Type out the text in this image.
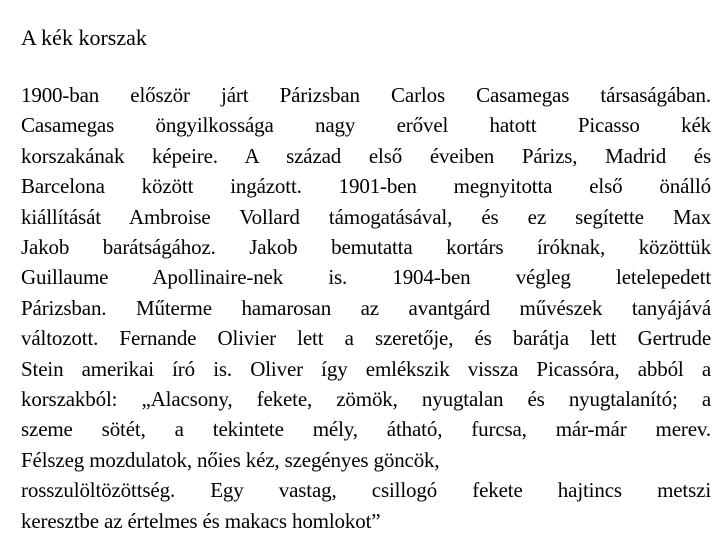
A kék korszak

1900-ban először járt Párizsban Carlos Casamegas társaságában.
Casamegas öngyilkossága nagy erővel hatott Picasso kék
korszakának képeire. A század első éveiben Párizs, Madrid és
Barcelona között ingázott. 1901-ben megnyitotta első önálló
kiállítását Ambroise Vollard támogatásával, és ez segítette Max
Jakob barátságához. Jakob bemutatta kortárs íróknak, közöttük
Guillaume Apollinaire-nek is. 1904-ben végleg letelepedett
Párizsban. Műterme hamarosan az avantgárd művészek tanyájává
változott. Fernande Olivier lett a szeretője, és barátja lett Gertrude
Stein amerikai író is. Oliver így emlékszik vissza Picassóra, abból a
korszakból: „Alacsony, fekete, zömök, nyugtalan és nyugtalanító; a
szeme sötét, a tekintete mély, átható, furcsa, már-már merev.
Félszeg mozdulatok, nőies kéz, szegényes göncök,
rosszulöltözöttség. Egy vastag, csillogó fekete hajtincs metszi
keresztbe az értelmes és makacs homlokot”
